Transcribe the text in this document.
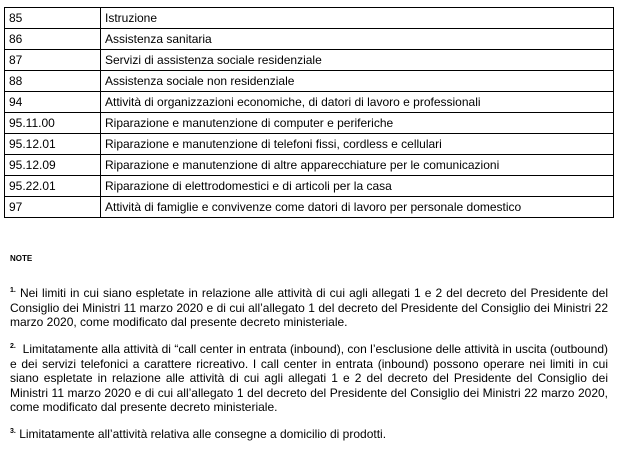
85	Istruzione
86	Assistenza sanitaria
87	Servizi di assistenza sociale residenziale
88	Assistenza sociale non residenziale
94	Attività di organizzazioni economiche, di datori di lavoro e professionali
95.11.00	Riparazione e manutenzione di computer e periferiche
95.12.01	Riparazione e manutenzione di telefoni fissi, cordless e cellulari
95.12.09	Riparazione e manutenzione di altre apparecchiature per le comunicazioni
95.22.01	Riparazione di elettrodomestici e di articoli per la casa
97	Attività di famiglie e convivenze come datori di lavoro per personale domestico
NOTE

$^{1.}$ Nei limiti in cui siano espletate in relazione alle attività di cui agli allegati 1 e 2 del decreto del Presidente del Consiglio dei Ministri 11 marzo 2020 e di cui all’allegato 1 del decreto del Presidente del Consiglio dei Ministri 22 marzo 2020, come modificato dal presente decreto ministeriale.

$^{2.}$ Limitatamente alla attività di “call center in entrata (inbound), con l’esclusione delle attività in uscita (outbound) e dei servizi telefonici a carattere ricreativo. I call center in entrata (inbound) possono operare nei limiti in cui siano espletate in relazione alle attività di cui agli allegati 1 e 2 del decreto del Presidente del Consiglio dei Ministri 11 marzo 2020 e di cui all’allegato 1 del decreto del Presidente del Consiglio dei Ministri 22 marzo 2020, come modificato dal presente decreto ministeriale.

$^{3.}$ Limitatamente all’attività relativa alle consegne a domicilio di prodotti.
